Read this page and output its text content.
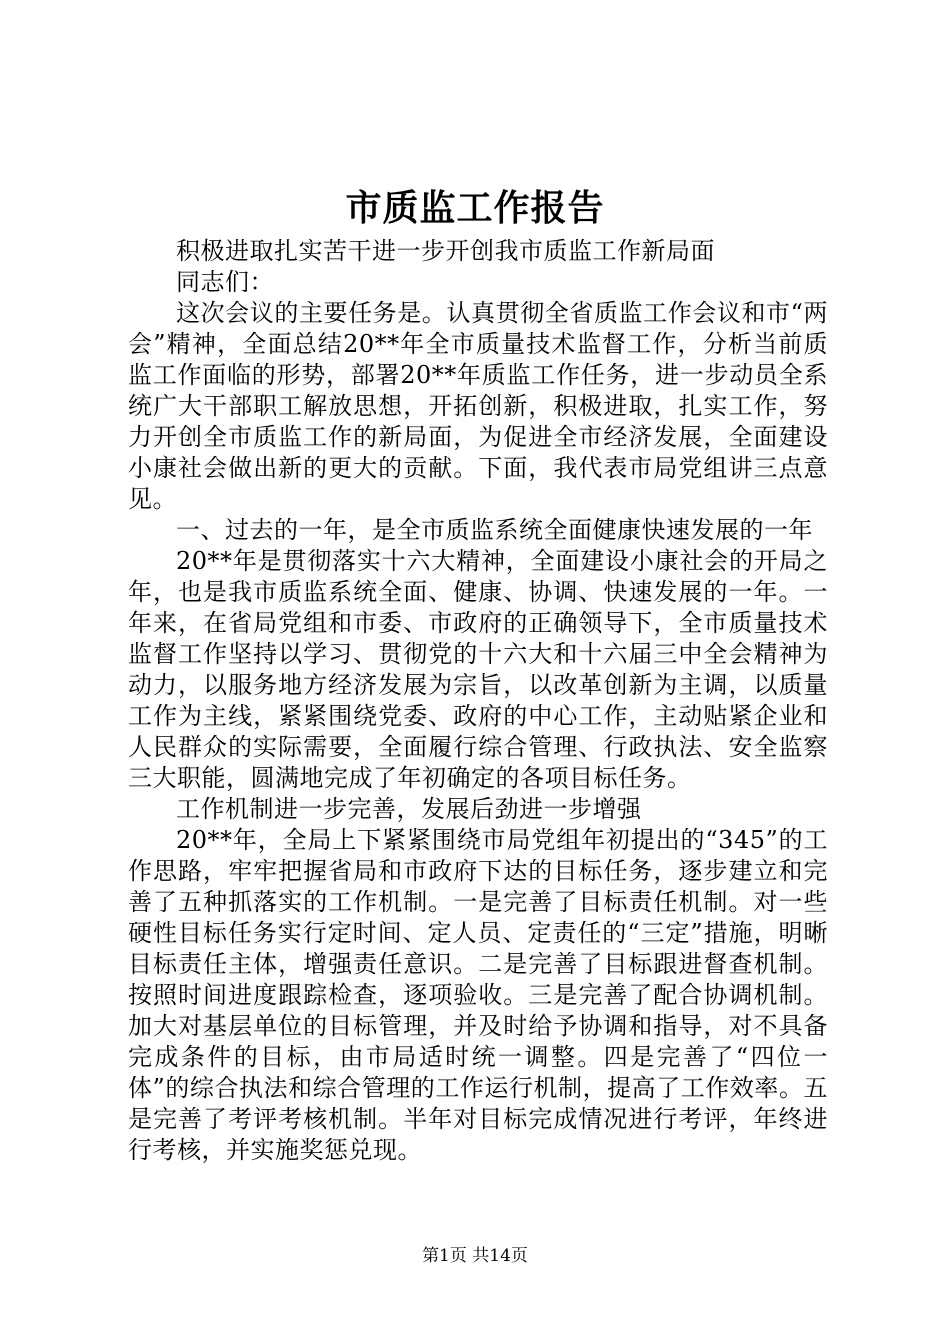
市质监工作报告

积极进取扎实苦干进一步开创我市质监工作新局面

同志们：

这次会议的主要任务是。认真贯彻全省质监工作会议和市“两会”精神，全面总结20**年全市质量技术监督工作，分析当前质监工作面临的形势，部署20**年质监工作任务，进一步动员全系统广大干部职工解放思想，开拓创新，积极进取，扎实工作，努力开创全市质监工作的新局面，为促进全市经济发展，全面建设小康社会做出新的更大的贡献。下面，我代表市局党组讲三点意见。

一、过去的一年，是全市质监系统全面健康快速发展的一年

20**年是贯彻落实十六大精神，全面建设小康社会的开局之年，也是我市质监系统全面、健康、协调、快速发展的一年。一年来，在省局党组和市委、市政府的正确领导下，全市质量技术监督工作坚持以学习、贯彻党的十六大和十六届三中全会精神为动力，以服务地方经济发展为宗旨，以改革创新为主调，以质量工作为主线，紧紧围绕党委、政府的中心工作，主动贴紧企业和人民群众的实际需要，全面履行综合管理、行政执法、安全监察三大职能，圆满地完成了年初确定的各项目标任务。

工作机制进一步完善，发展后劲进一步增强

20**年，全局上下紧紧围绕市局党组年初提出的“345”的工作思路，牢牢把握省局和市政府下达的目标任务，逐步建立和完善了五种抓落实的工作机制。一是完善了目标责任机制。对一些硬性目标任务实行定时间、定人员、定责任的“三定”措施，明晰目标责任主体，增强责任意识。二是完善了目标跟进督查机制。按照时间进度跟踪检查，逐项验收。三是完善了配合协调机制。加大对基层单位的目标管理，并及时给予协调和指导，对不具备完成条件的目标，由市局适时统一调整。四是完善了“四位一体”的综合执法和综合管理的工作运行机制，提高了工作效率。五是完善了考评考核机制。半年对目标完成情况进行考评，年终进行考核，并实施奖惩兑现。

第1页 共14页
